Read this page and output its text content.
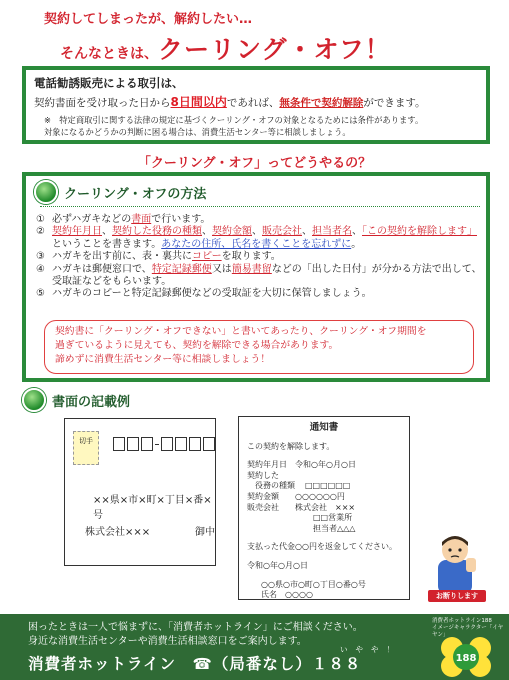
契約してしまったが、解約したい…
そんなときは、クーリング・オフ！
電話勧誘販売による取引は、
契約書面を受け取った日から8日間以内であれば、無条件で契約解除ができます。
※　特定商取引に関する法律の規定に基づくクーリング・オフの対象となるためには条件があります。
対象になるかどうかの判断に困る場合は、消費生活センター等に相談しましょう。
「クーリング・オフ」ってどうやるの？
クーリング・オフの方法
① 必ずハガキなどの書面で行います。
② 契約年月日、契約した役務の種類、契約金額、販売会社、担当者名、「この契約を解除します」ということを書きます。あなたの住所、氏名を書くことを忘れずに。
③ ハガキを出す前に、表・裏共にコピーを取ります。
④ ハガキは郵便窓口で、特定記録郵便又は簡易書留などの「出した日付」が分かる方法で出して、受取証などをもらいます。
⑤ ハガキのコピーと特定記録郵便などの受取証を大切に保管しましょう。
契約書に「クーリング・オフできない」と書いてあったり、クーリング・オフ期間を
過ぎているように見えても、契約を解除できる場合があります。
諦めずに消費生活センター等に相談しましょう！
書面の記載例
切手
××県×市×町×丁目×番×号
株式会社×××	御中
通知書
この契約を解除します。
契約年月日	令和○年○月○日
契約した
　役務の種類	□□□□□□
契約金額	○○○○○○円
販売会社	株式会社　×××
□□営業所
担当者△△△
支払った代金○○円を返金してください。
令和○年○月○日
○○県○市○町○丁目○番○号
氏名　 ○○○○	お断りします
困ったときは一人で悩まずに、「消費者ホットライン」にご相談ください。
身近な消費生活センターや消費生活相談窓口をご案内します。
いやや！
消費者ホットライン　☎（局番なし）１８８
消費者ホットライン188
イメージキャラクター「イヤヤン」
188
